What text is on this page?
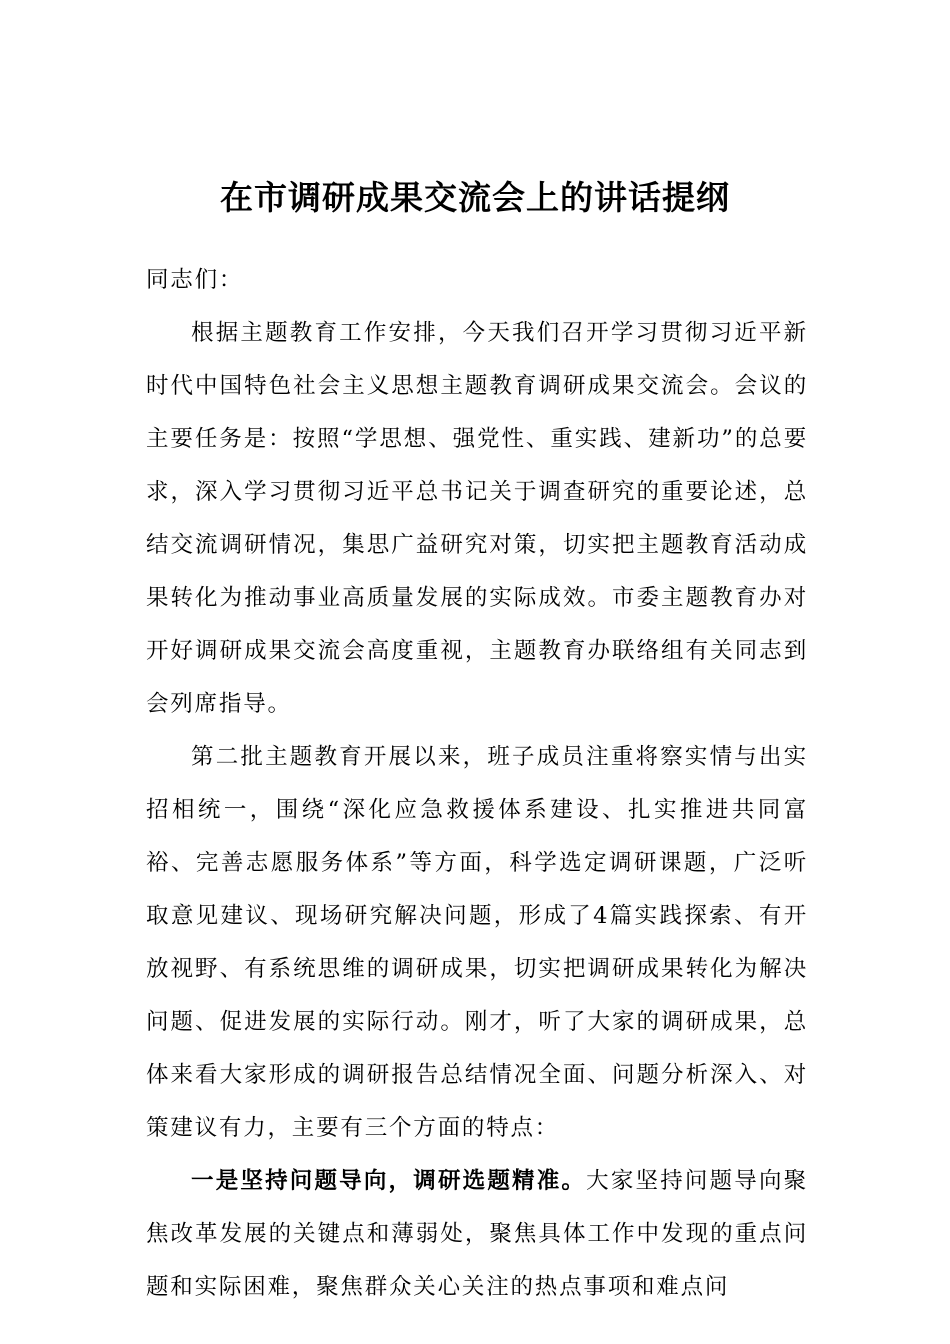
在市调研成果交流会上的讲话提纲

同志们：

根据主题教育工作安排，今天我们召开学习贯彻习近平新时代中国特色社会主义思想主题教育调研成果交流会。会议的主要任务是：按照“学思想、强党性、重实践、建新功”的总要求，深入学习贯彻习近平总书记关于调查研究的重要论述，总结交流调研情况，集思广益研究对策，切实把主题教育活动成果转化为推动事业高质量发展的实际成效。市委主题教育办对开好调研成果交流会高度重视，主题教育办联络组有关同志到会列席指导。

第二批主题教育开展以来，班子成员注重将察实情与出实招相统一，围绕“深化应急救援体系建设、扎实推进共同富裕、完善志愿服务体系”等方面，科学选定调研课题，广泛听取意见建议、现场研究解决问题，形成了4篇实践探索、有开放视野、有系统思维的调研成果，切实把调研成果转化为解决问题、促进发展的实际行动。刚才，听了大家的调研成果，总体来看大家形成的调研报告总结情况全面、问题分析深入、对策建议有力，主要有三个方面的特点：

一是坚持问题导向，调研选题精准。大家坚持问题导向聚焦改革发展的关键点和薄弱处，聚焦具体工作中发现的重点问题和实际困难，聚焦群众关心关注的热点事项和难点问
